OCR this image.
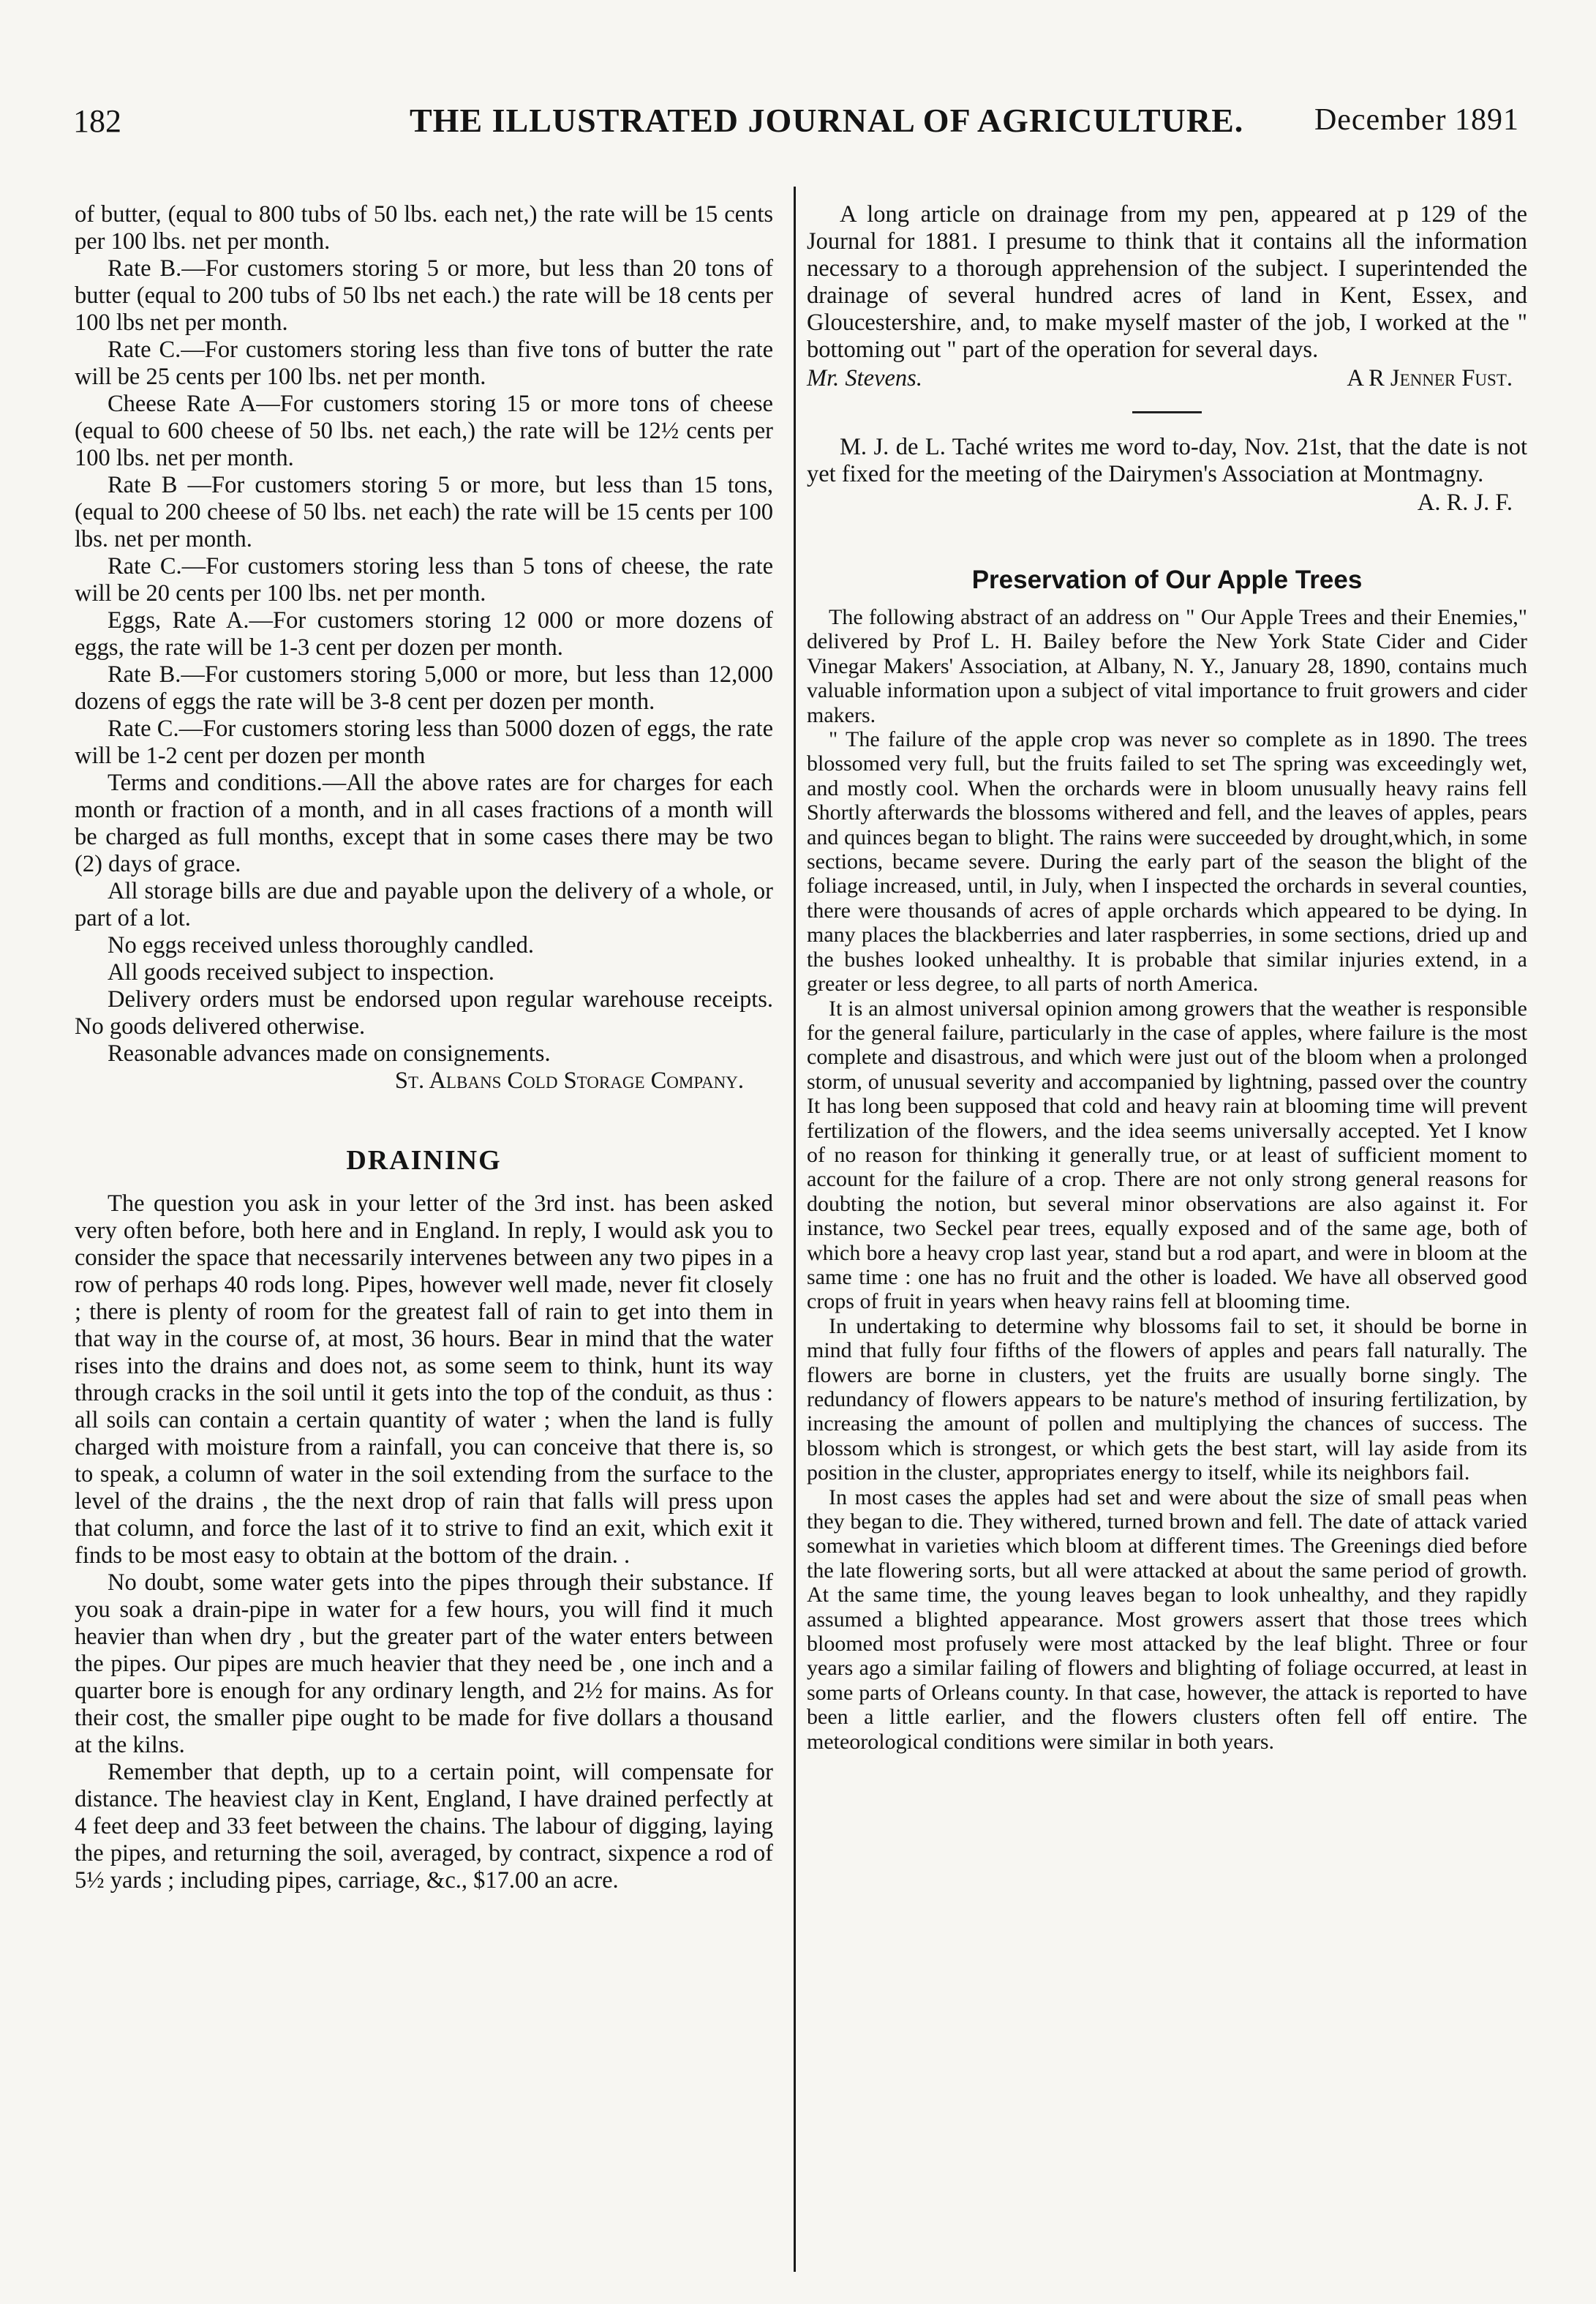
182	THE ILLUSTRATED JOURNAL OF AGRICULTURE. December 1891

of butter, (equal to 800 tubs of 50 lbs. each net,) the rate will be 15 cents per 100 lbs. net per month.

Rate B.—For customers storing 5 or more, but less than 20 tons of butter (equal to 200 tubs of 50 lbs net each.) the rate will be 18 cents per 100 lbs net per month.

Rate C.—For customers storing less than five tons of butter the rate will be 25 cents per 100 lbs. net per month.

Cheese Rate A—For customers storing 15 or more tons of cheese (equal to 600 cheese of 50 lbs. net each,) the rate will be 12½ cents per 100 lbs. net per month.

Rate B —For customers storing 5 or more, but less than 15 tons, (equal to 200 cheese of 50 lbs. net each) the rate will be 15 cents per 100 lbs. net per month.

Rate C.—For customers storing less than 5 tons of cheese, the rate will be 20 cents per 100 lbs. net per month.

Eggs, Rate A.—For customers storing 12 000 or more dozens of eggs, the rate will be 1-3 cent per dozen per month.

Rate B.—For customers storing 5,000 or more, but less than 12,000 dozens of eggs the rate will be 3-8 cent per dozen per month.

Rate C.—For customers storing less than 5000 dozen of eggs, the rate will be 1-2 cent per dozen per month

Terms and conditions.—All the above rates are for charges for each month or fraction of a month, and in all cases fractions of a month will be charged as full months, except that in some cases there may be two (2) days of grace.

All storage bills are due and payable upon the delivery of a whole, or part of a lot.

No eggs received unless thoroughly candled.

All goods received subject to inspection.

Delivery orders must be endorsed upon regular warehouse receipts. No goods delivered otherwise.

Reasonable advances made on consignements.

St. Albans Cold Storage Company.
DRAINING

The question you ask in your letter of the 3rd inst. has been asked very often before, both here and in England. In reply, I would ask you to consider the space that necessarily intervenes between any two pipes in a row of perhaps 40 rods long. Pipes, however well made, never fit closely ; there is plenty of room for the greatest fall of rain to get into them in that way in the course of, at most, 36 hours. Bear in mind that the water rises into the drains and does not, as some seem to think, hunt its way through cracks in the soil until it gets into the top of the conduit, as thus : all soils can contain a certain quantity of water ; when the land is fully charged with moisture from a rainfall, you can conceive that there is, so to speak, a column of water in the soil extending from the surface to the level of the drains , the the next drop of rain that falls will press upon that column, and force the last of it to strive to find an exit, which exit it finds to be most easy to obtain at the bottom of the drain. .

No doubt, some water gets into the pipes through their substance. If you soak a drain-pipe in water for a few hours, you will find it much heavier than when dry , but the greater part of the water enters between the pipes. Our pipes are much heavier that they need be , one inch and a quarter bore is enough for any ordinary length, and 2½ for mains. As for their cost, the smaller pipe ought to be made for five dollars a thousand at the kilns.

Remember that depth, up to a certain point, will compensate for distance. The heaviest clay in Kent, England, I have drained perfectly at 4 feet deep and 33 feet between the chains. The labour of digging, laying the pipes, and returning the soil, averaged, by contract, sixpence a rod of 5½ yards ; including pipes, carriage, &c., $17.00 an acre.

A long article on drainage from my pen, appeared at p 129 of the Journal for 1881. I presume to think that it contains all the information necessary to a thorough apprehension of the subject. I superintended the drainage of several hundred acres of land in Kent, Essex, and Gloucestershire, and, to make myself master of the job, I worked at the " bottoming out " part of the operation for several days.

Mr. Stevens.	A R Jenner Fust.

M. J. de L. Taché writes me word to-day, Nov. 21st, that the date is not yet fixed for the meeting of the Dairymen's Association at Montmagny.

A. R. J. F.
Preservation of Our Apple Trees

The following abstract of an address on " Our Apple Trees and their Enemies," delivered by Prof L. H. Bailey before the New York State Cider and Cider Vinegar Makers' Association, at Albany, N. Y., January 28, 1890, contains much valuable information upon a subject of vital importance to fruit growers and cider makers.

" The failure of the apple crop was never so complete as in 1890. The trees blossomed very full, but the fruits failed to set The spring was exceedingly wet, and mostly cool. When the orchards were in bloom unusually heavy rains fell Shortly afterwards the blossoms withered and fell, and the leaves of apples, pears and quinces began to blight. The rains were succeeded by drought,which, in some sections, became severe. During the early part of the season the blight of the foliage increased, until, in July, when I inspected the orchards in several counties, there were thousands of acres of apple orchards which appeared to be dying. In many places the blackberries and later raspberries, in some sections, dried up and the bushes looked unhealthy. It is probable that similar injuries extend, in a greater or less degree, to all parts of north America.

It is an almost universal opinion among growers that the weather is responsible for the general failure, particularly in the case of apples, where failure is the most complete and disastrous, and which were just out of the bloom when a prolonged storm, of unusual severity and accompanied by lightning, passed over the country It has long been supposed that cold and heavy rain at blooming time will prevent fertilization of the flowers, and the idea seems universally accepted. Yet I know of no reason for thinking it generally true, or at least of sufficient moment to account for the failure of a crop. There are not only strong general reasons for doubting the notion, but several minor observations are also against it. For instance, two Seckel pear trees, equally exposed and of the same age, both of which bore a heavy crop last year, stand but a rod apart, and were in bloom at the same time : one has no fruit and the other is loaded. We have all observed good crops of fruit in years when heavy rains fell at blooming time.

In undertaking to determine why blossoms fail to set, it should be borne in mind that fully four fifths of the flowers of apples and pears fall naturally. The flowers are borne in clusters, yet the fruits are usually borne singly. The redundancy of flowers appears to be nature's method of insuring fertilization, by increasing the amount of pollen and multiplying the chances of success. The blossom which is strongest, or which gets the best start, will lay aside from its position in the cluster, appropriates energy to itself, while its neighbors fail.

In most cases the apples had set and were about the size of small peas when they began to die. They withered, turned brown and fell. The date of attack varied somewhat in varieties which bloom at different times. The Greenings died before the late flowering sorts, but all were attacked at about the same period of growth. At the same time, the young leaves began to look unhealthy, and they rapidly assumed a blighted appearance. Most growers assert that those trees which bloomed most profusely were most attacked by the leaf blight. Three or four years ago a similar failing of flowers and blighting of foliage occurred, at least in some parts of Orleans county. In that case, however, the attack is reported to have been a little earlier, and the flowers clusters often fell off entire. The meteorological conditions were similar in both years.
